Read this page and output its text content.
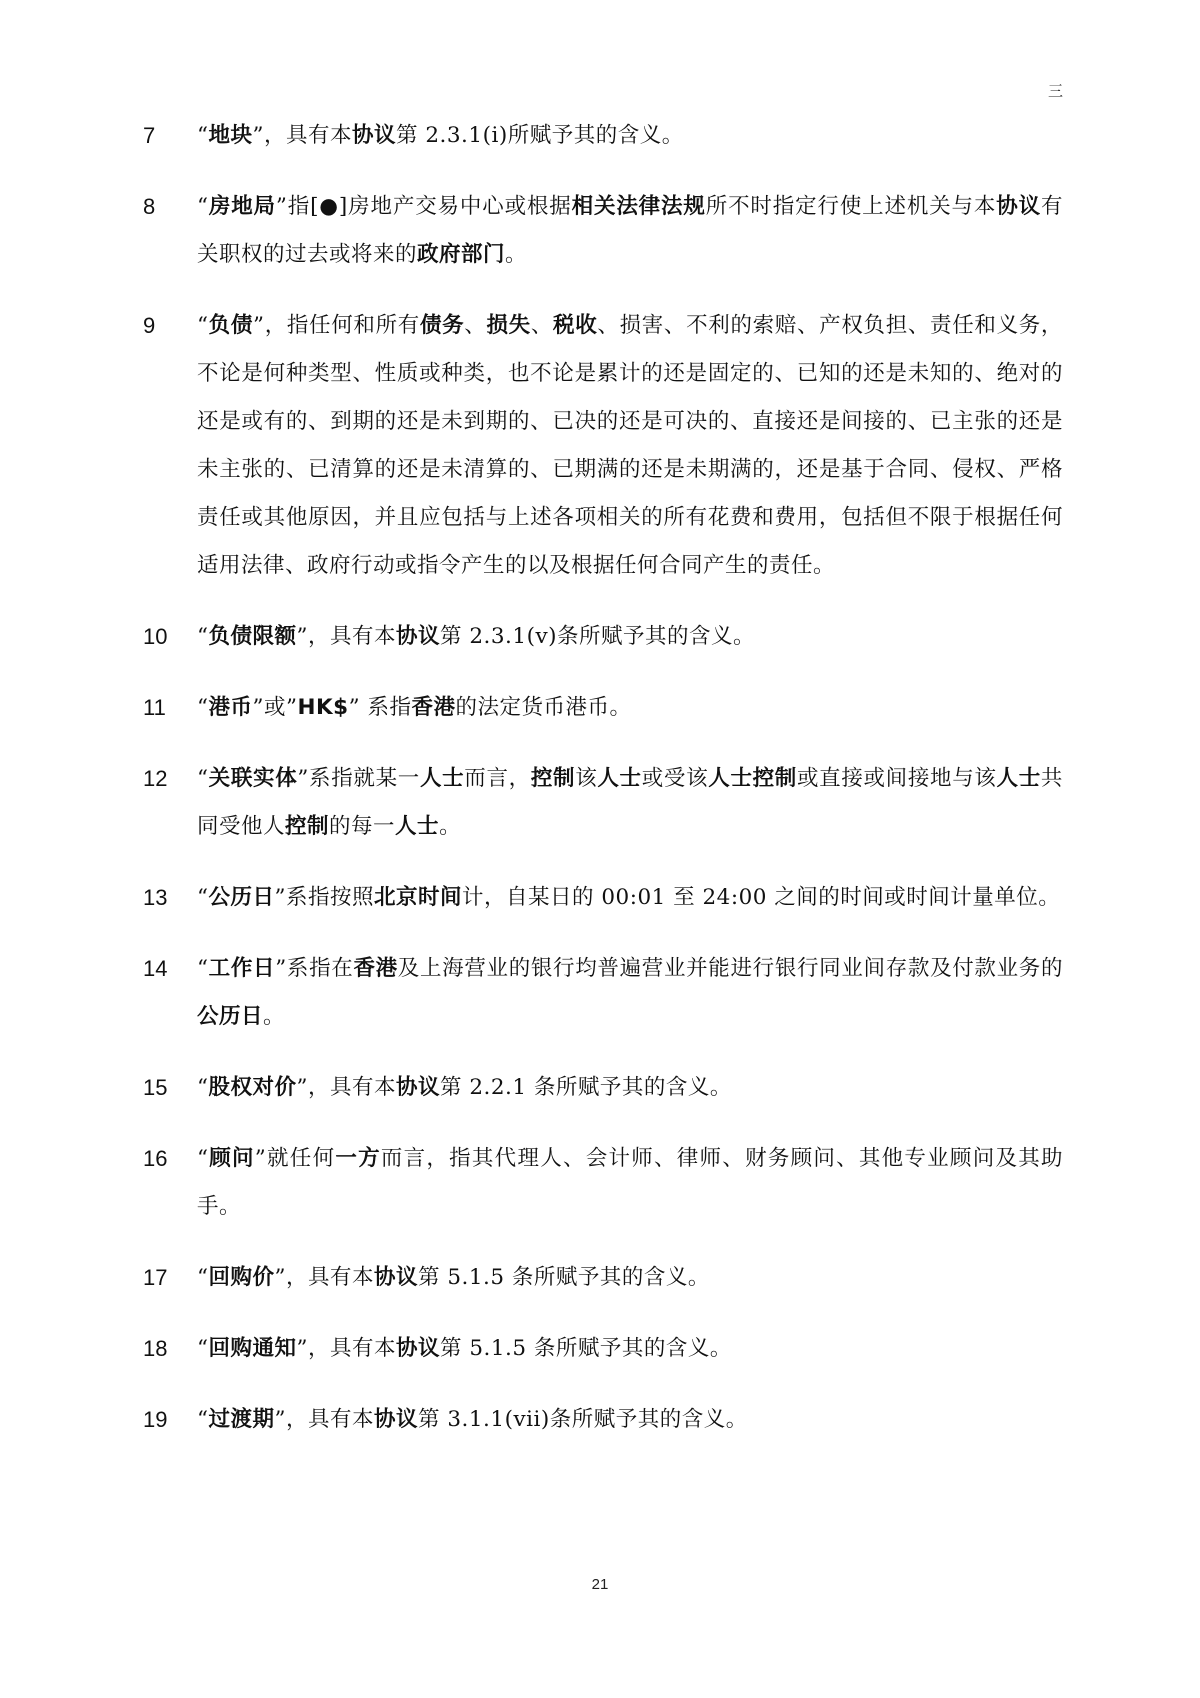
三
7	“地块”，具有本协议第 2.3.1(i)所赋予其的含义。
8	“房地局”指[●]房地产交易中心或根据相关法律法规所不时指定行使上述机关与本协议有关职权的过去或将来的政府部门。
9	“负债”，指任何和所有债务、损失、税收、损害、不利的索赔、产权负担、责任和义务，不论是何种类型、性质或种类，也不论是累计的还是固定的、已知的还是未知的、绝对的还是或有的、到期的还是未到期的、已决的还是可决的、直接还是间接的、已主张的还是未主张的、已清算的还是未清算的、已期满的还是未期满的，还是基于合同、侵权、严格责任或其他原因，并且应包括与上述各项相关的所有花费和费用，包括但不限于根据任何适用法律、政府行动或指令产生的以及根据任何合同产生的责任。
10	“负债限额”，具有本协议第 2.3.1(v)条所赋予其的含义。
11	“港币”或”HK$” 系指香港的法定货币港币。
12	“关联实体”系指就某一人士而言，控制该人士或受该人士控制或直接或间接地与该人士共同受他人控制的每一人士。
13	“公历日”系指按照北京时间计，自某日的 00:01 至 24:00 之间的时间或时间计量单位。
14	“工作日”系指在香港及上海营业的银行均普遍营业并能进行银行同业间存款及付款业务的公历日。
15	“股权对价”，具有本协议第 2.2.1 条所赋予其的含义。
16	“顾问”就任何一方而言，指其代理人、会计师、律师、财务顾问、其他专业顾问及其助手。
17	“回购价”，具有本协议第 5.1.5 条所赋予其的含义。
18	“回购通知”，具有本协议第 5.1.5 条所赋予其的含义。
19	“过渡期”，具有本协议第 3.1.1(vii)条所赋予其的含义。
21
